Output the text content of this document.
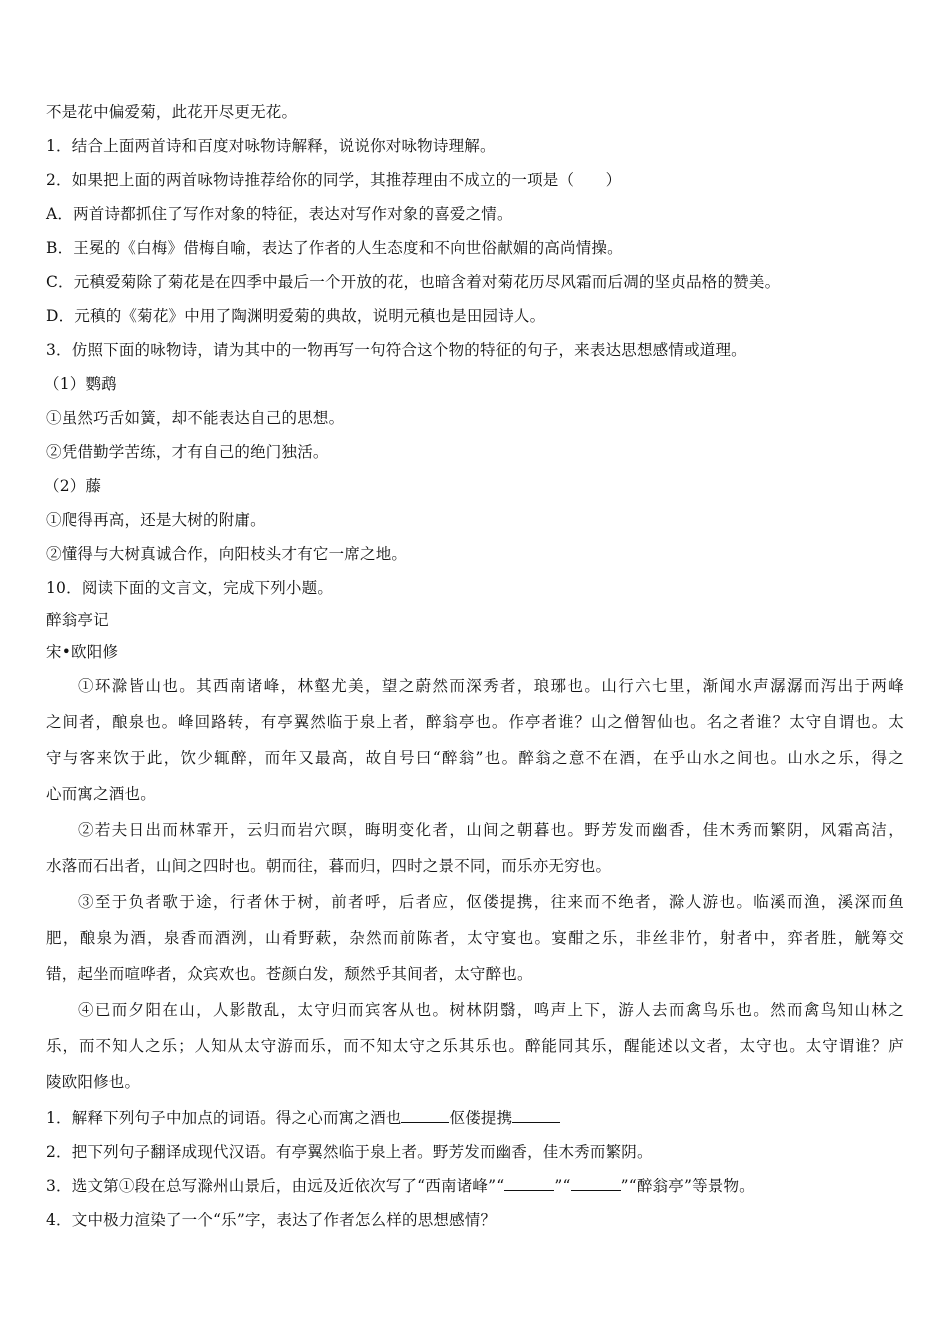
不是花中偏爱菊，此花开尽更无花。
1．结合上面两首诗和百度对咏物诗解释，说说你对咏物诗理解。
2．如果把上面的两首咏物诗推荐给你的同学，其推荐理由不成立的一项是（　　）
A．两首诗都抓住了写作对象的特征，表达对写作对象的喜爱之情。
B．王冕的《白梅》借梅自喻，表达了作者的人生态度和不向世俗献媚的高尚情操。
C．元稹爱菊除了菊花是在四季中最后一个开放的花，也暗含着对菊花历尽风霜而后凋的坚贞品格的赞美。
D．元稹的《菊花》中用了陶渊明爱菊的典故，说明元稹也是田园诗人。
3．仿照下面的咏物诗，请为其中的一物再写一句符合这个物的特征的句子，来表达思想感情或道理。
（1）鹦鹉
①虽然巧舌如簧，却不能表达自己的思想。
②凭借勤学苦练，才有自己的绝门独活。
（2）藤
①爬得再高，还是大树的附庸。
②懂得与大树真诚合作，向阳枝头才有它一席之地。
10．阅读下面的文言文，完成下列小题。
醉翁亭记
宋•欧阳修
①环滁皆山也。其西南诸峰，林壑尤美，望之蔚然而深秀者，琅琊也。山行六七里，渐闻水声潺潺而泻出于两峰
之间者，酿泉也。峰回路转，有亭翼然临于泉上者，醉翁亭也。作亭者谁？山之僧智仙也。名之者谁？太守自谓也。太
守与客来饮于此，饮少辄醉，而年又最高，故自号曰“醉翁”也。醉翁之意不在酒，在乎山水之间也。山水之乐，得之
心而寓之酒也。
②若夫日出而林霏开，云归而岩穴暝，晦明变化者，山间之朝暮也。野芳发而幽香，佳木秀而繁阴，风霜高洁，
水落而石出者，山间之四时也。朝而往，暮而归，四时之景不同，而乐亦无穷也。
③至于负者歌于途，行者休于树，前者呼，后者应，伛偻提携，往来而不绝者，滁人游也。临溪而渔，溪深而鱼
肥，酿泉为酒，泉香而酒洌，山肴野蔌，杂然而前陈者，太守宴也。宴酣之乐，非丝非竹，射者中，弈者胜，觥筹交
错，起坐而喧哗者，众宾欢也。苍颜白发，颓然乎其间者，太守醉也。
④已而夕阳在山，人影散乱，太守归而宾客从也。树林阴翳，鸣声上下，游人去而禽鸟乐也。然而禽鸟知山林之
乐，而不知人之乐；人知从太守游而乐，而不知太守之乐其乐也。醉能同其乐，醒能述以文者，太守也。太守谓谁？庐
陵欧阳修也。
1．解释下列句子中加点的词语。得之心而寓之酒也	伛偻提携
2．把下列句子翻译成现代汉语。有亭翼然临于泉上者。野芳发而幽香，佳木秀而繁阴。
3．选文第①段在总写滁州山景后，由远及近依次写了“西南诸峰”“	”“	”“醉翁亭”等景物。
4．文中极力渲染了一个“乐”字，表达了作者怎么样的思想感情？
